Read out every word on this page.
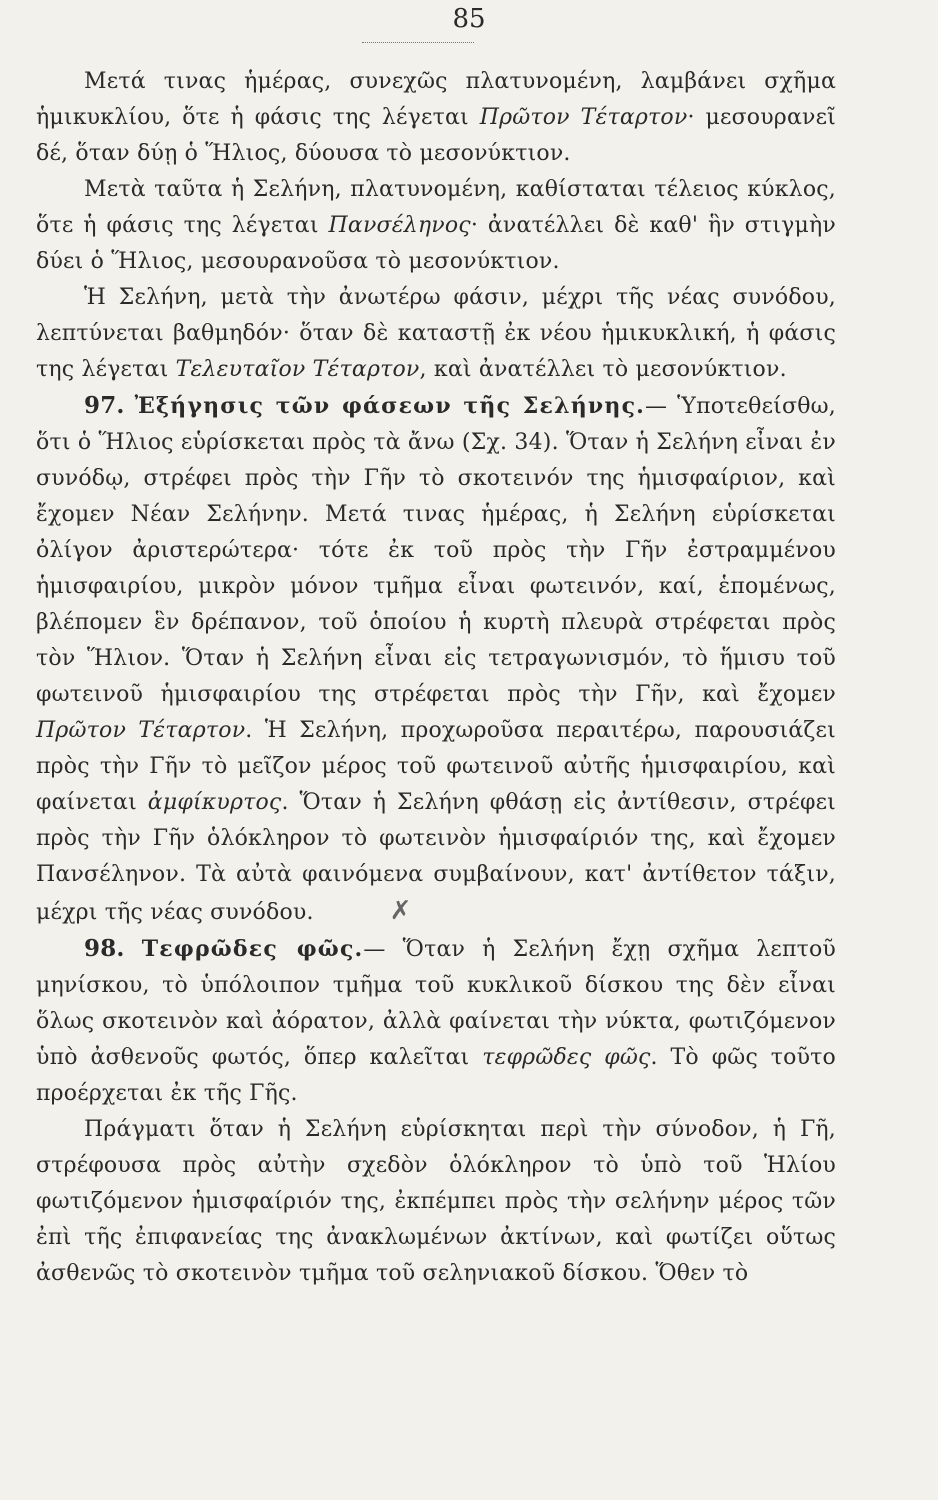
85

Μετά τινας ἡμέρας, συνεχῶς πλατυνομένη, λαμβάνει σχῆμα ἡμικυκλίου, ὅτε ἡ φάσις της λέγεται Πρῶτον Τέταρτον· μεσουρανεῖ δέ, ὅταν δύῃ ὁ Ἥλιος, δύουσα τὸ μεσονύκτιον.

Μετὰ ταῦτα ἡ Σελήνη, πλατυνομένη, καθίσταται τέλειος κύκλος, ὅτε ἡ φάσις της λέγεται Πανσέληνος· ἀνατέλλει δὲ καθ' ἣν στιγμὴν δύει ὁ Ἥλιος, μεσουρανοῦσα τὸ μεσονύκτιον.

Ἡ Σελήνη, μετὰ τὴν ἀνωτέρω φάσιν, μέχρι τῆς νέας συνόδου, λεπτύνεται βαθμηδόν· ὅταν δὲ καταστῇ ἐκ νέου ἡμικυκλική, ἡ φάσις της λέγεται Τελευταῖον Τέταρτον, καὶ ἀνατέλλει τὸ μεσονύκτιον.

97. Ἐξήγησις τῶν φάσεων τῆς Σελήνης.— Ὑποτεθείσθω, ὅτι ὁ Ἥλιος εὑρίσκεται πρὸς τὰ ἄνω (Σχ. 34). Ὅταν ἡ Σελήνη εἶναι ἐν συνόδῳ, στρέφει πρὸς τὴν Γῆν τὸ σκοτεινόν της ἡμισφαίριον, καὶ ἔχομεν Νέαν Σελήνην. Μετά τινας ἡμέρας, ἡ Σελήνη εὑρίσκεται ὀλίγον ἀριστερώτερα· τότε ἐκ τοῦ πρὸς τὴν Γῆν ἐστραμμένου ἡμισφαιρίου, μικρὸν μόνον τμῆμα εἶναι φωτεινόν, καί, ἑπομένως, βλέπομεν ἓν δρέπανον, τοῦ ὁποίου ἡ κυρτὴ πλευρὰ στρέφεται πρὸς τὸν Ἥλιον. Ὅταν ἡ Σελήνη εἶναι εἰς τετραγωνισμόν, τὸ ἥμισυ τοῦ φωτεινοῦ ἡμισφαιρίου της στρέφεται πρὸς τὴν Γῆν, καὶ ἔχομεν Πρῶτον Τέταρτον. Ἡ Σελήνη, προχωροῦσα περαιτέρω, παρουσιάζει πρὸς τὴν Γῆν τὸ μεῖζον μέρος τοῦ φωτεινοῦ αὐτῆς ἡμισφαιρίου, καὶ φαίνεται ἀμφίκυρτος. Ὅταν ἡ Σελήνη φθάσῃ εἰς ἀντίθεσιν, στρέφει πρὸς τὴν Γῆν ὁλόκληρον τὸ φωτεινὸν ἡμισφαίριόν της, καὶ ἔχομεν Πανσέληνον. Τὰ αὐτὰ φαινόμενα συμβαίνουν, κατ' ἀντίθετον τάξιν, μέχρι τῆς νέας συνόδου.	✗

98. Τεφρῶδες φῶς.— Ὅταν ἡ Σελήνη ἔχῃ σχῆμα λεπτοῦ μηνίσκου, τὸ ὑπόλοιπον τμῆμα τοῦ κυκλικοῦ δίσκου της δὲν εἶναι ὅλως σκοτεινὸν καὶ ἀόρατον, ἀλλὰ φαίνεται τὴν νύκτα, φωτιζόμενον ὑπὸ ἀσθενοῦς φωτός, ὅπερ καλεῖται τεφρῶδες φῶς. Τὸ φῶς τοῦτο προέρχεται ἐκ τῆς Γῆς.

Πράγματι ὅταν ἡ Σελήνη εὑρίσκηται περὶ τὴν σύνοδον, ἡ Γῆ, στρέφουσα πρὸς αὐτὴν σχεδὸν ὁλόκληρον τὸ ὑπὸ τοῦ Ἡλίου φωτιζόμενον ἡμισφαίριόν της, ἐκπέμπει πρὸς τὴν σελήνην μέρος τῶν ἐπὶ τῆς ἐπιφανείας της ἀνακλωμένων ἀκτίνων, καὶ φωτίζει οὕτως ἀσθενῶς τὸ σκοτεινὸν τμῆμα τοῦ σεληνιακοῦ δίσκου. Ὅθεν τὸ
